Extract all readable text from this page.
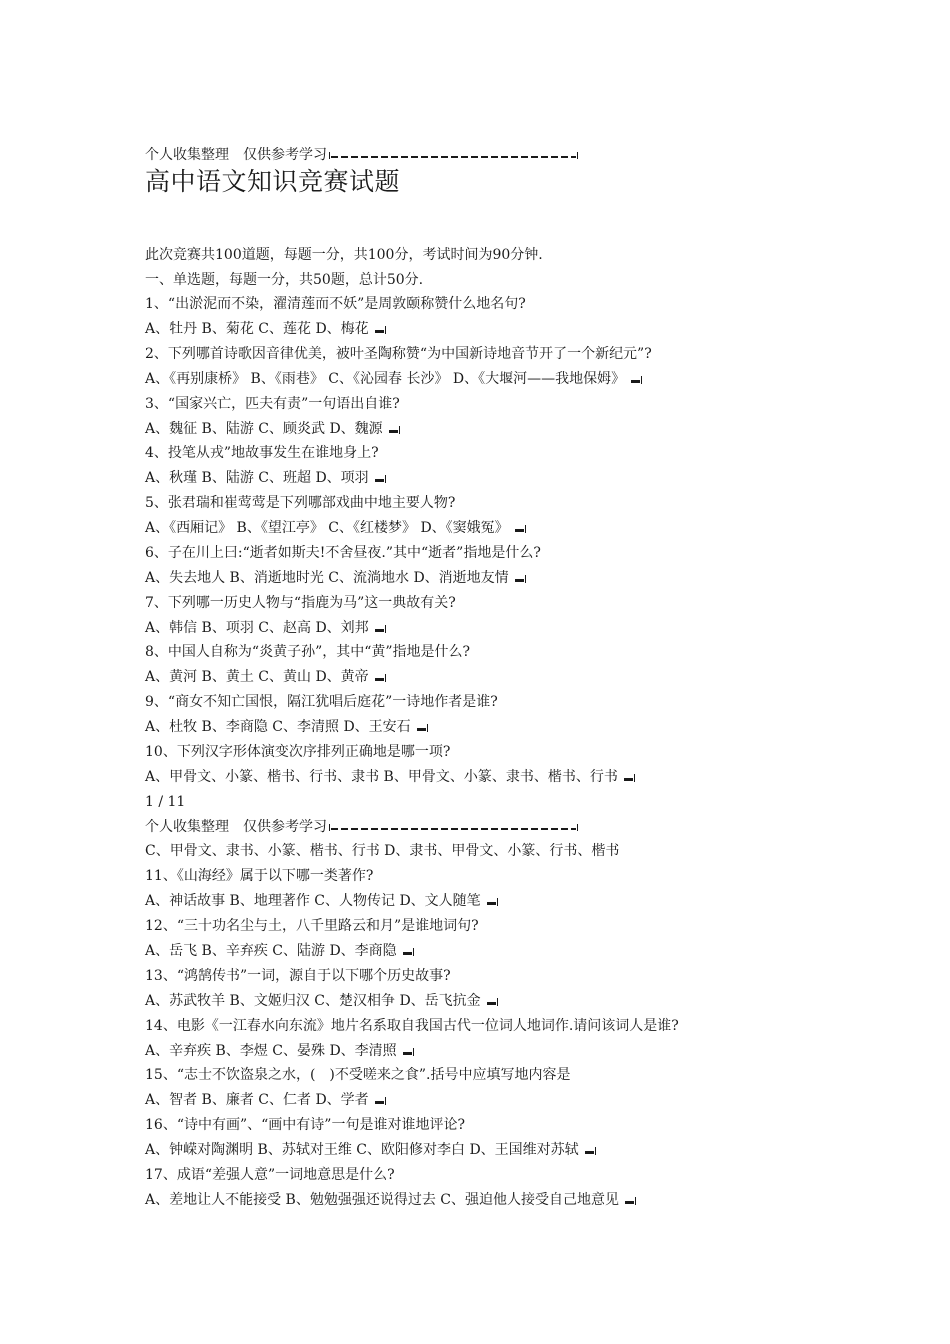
个人收集整理　仅供参考学习
高中语文知识竞赛试题
此次竞赛共100道题，每题一分，共100分，考试时间为90分钟.
一、单选题，每题一分，共50题，总计50分.
1、“出淤泥而不染，濯清莲而不妖”是周敦颐称赞什么地名句?
A、牡丹 B、菊花 C、莲花 D、梅花
2、下列哪首诗歌因音律优美，被叶圣陶称赞“为中国新诗地音节开了一个新纪元”?
A、《再别康桥》 B、《雨巷》 C、《沁园春 长沙》 D、《大堰河——我地保姆》
3、“国家兴亡，匹夫有责”一句语出自谁?
A、魏征 B、陆游 C、顾炎武 D、魏源
4、投笔从戎”地故事发生在谁地身上?
A、秋瑾 B、陆游 C、班超 D、项羽
5、张君瑞和崔莺莺是下列哪部戏曲中地主要人物?
A、《西厢记》 B、《望江亭》 C、《红楼梦》 D、《窦娥冤》
6、子在川上曰:“逝者如斯夫!不舍昼夜.”其中“逝者”指地是什么?
A、失去地人 B、消逝地时光 C、流淌地水 D、消逝地友情
7、下列哪一历史人物与“指鹿为马”这一典故有关?
A、韩信 B、项羽 C、赵高 D、刘邦
8、中国人自称为“炎黄子孙”，其中“黄”指地是什么?
A、黄河 B、黄土 C、黄山 D、黄帝
9、“商女不知亡国恨，隔江犹唱后庭花”一诗地作者是谁?
A、杜牧 B、李商隐 C、李清照 D、王安石
10、下列汉字形体演变次序排列正确地是哪一项?
A、甲骨文、小篆、楷书、行书、隶书 B、甲骨文、小篆、隶书、楷书、行书
1 / 11
个人收集整理　仅供参考学习
C、甲骨文、隶书、小篆、楷书、行书 D、隶书、甲骨文、小篆、行书、楷书
11、《山海经》属于以下哪一类著作?
A、神话故事 B、地理著作 C、人物传记 D、文人随笔
12、“三十功名尘与土，八千里路云和月”是谁地词句?
A、岳飞 B、辛弃疾 C、陆游 D、李商隐
13、“鸿鹄传书”一词，源自于以下哪个历史故事?
A、苏武牧羊 B、文姬归汉 C、楚汉相争 D、岳飞抗金
14、电影《一江春水向东流》地片名系取自我国古代一位词人地词作.请问该词人是谁?
A、辛弃疾 B、李煜 C、晏殊 D、李清照
15、“志士不饮盗泉之水，(　)不受嗟来之食”.括号中应填写地内容是
A、智者 B、廉者 C、仁者 D、学者
16、“诗中有画”、“画中有诗”一句是谁对谁地评论?
A、钟嵘对陶渊明 B、苏轼对王维 C、欧阳修对李白 D、王国维对苏轼
17、成语“差强人意”一词地意思是什么?
A、差地让人不能接受 B、勉勉强强还说得过去 C、强迫他人接受自己地意见
